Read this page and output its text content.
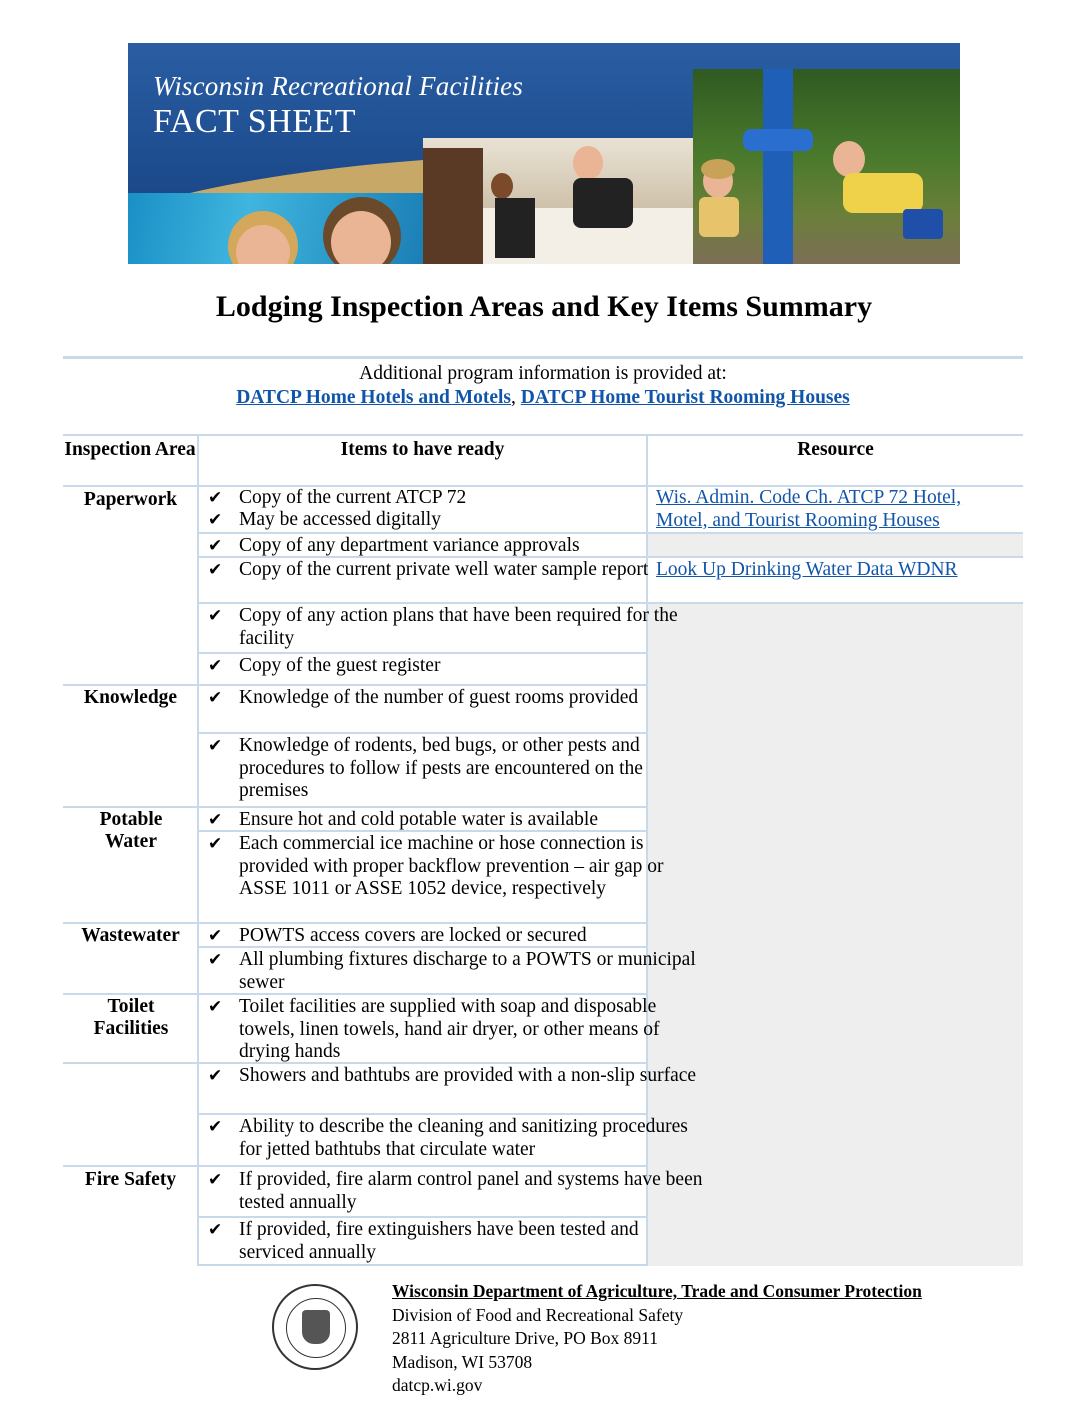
Wisconsin Recreational Facilities
FACT SHEET
Lodging Inspection Areas and Key Items Summary
Additional program information is provided at:
DATCP Home Hotels and Motels, DATCP Home Tourist Rooming Houses
Inspection Area	Items to have ready	Resource
Paperwork
Knowledge
Potable Water
Wastewater
Toilet Facilities
Fire Safety
✔ Copy of the current ATCP 72
✔ May be accessed digitally
✔ Copy of any department variance approvals
✔ Copy of the current private well water sample report
✔ Copy of any action plans that have been required for the facility
✔ Copy of the guest register
✔ Knowledge of the number of guest rooms provided
✔ Knowledge of rodents, bed bugs, or other pests and procedures to follow if pests are encountered on the premises
✔ Ensure hot and cold potable water is available
✔ Each commercial ice machine or hose connection is provided with proper backflow prevention – air gap or ASSE 1011 or ASSE 1052 device, respectively
✔ POWTS access covers are locked or secured
✔ All plumbing fixtures discharge to a POWTS or municipal sewer
✔ Toilet facilities are supplied with soap and disposable towels, linen towels, hand air dryer, or other means of drying hands
✔ Showers and bathtubs are provided with a non-slip surface
✔ Ability to describe the cleaning and sanitizing procedures for jetted bathtubs that circulate water
✔ If provided, fire alarm control panel and systems have been tested annually
✔ If provided, fire extinguishers have been tested and serviced annually
Wis. Admin. Code Ch. ATCP 72 Hotel, Motel, and Tourist Rooming Houses
Look Up Drinking Water Data WDNR
Wisconsin Department of Agriculture, Trade and Consumer Protection
Division of Food and Recreational Safety
2811 Agriculture Drive, PO Box 8911
Madison, WI 53708
datcp.wi.gov
